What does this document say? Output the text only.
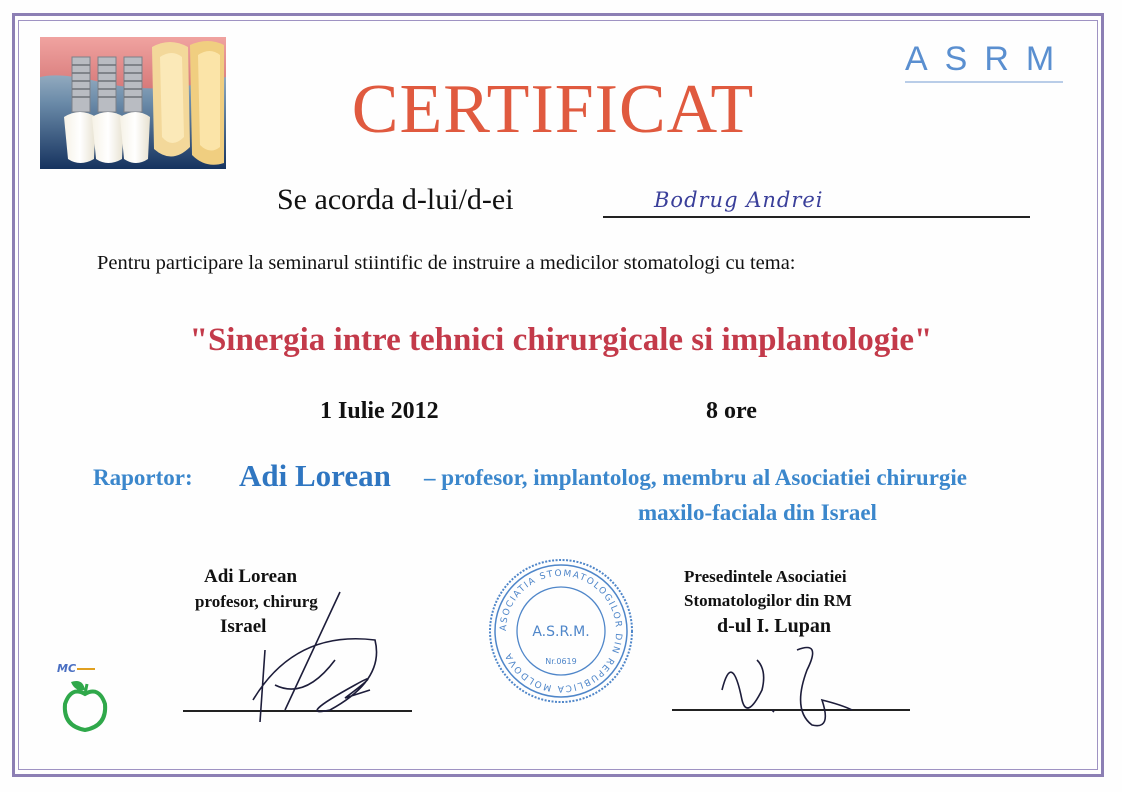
ASRM
CERTIFICAT
Se acorda d-lui/d-ei	Bodrug Andrei
Pentru participare la seminarul stiintific de instruire a medicilor stomatologi cu tema:
"Sinergia intre tehnici chirurgicale si implantologie"
1 Iulie 2012	8 ore
Raportor: Adi Lorean – profesor, implantolog, membru al Asociatiei chirurgie
maxilo-faciala din Israel
Adi Lorean
profesor, chirurg
Israel	ASOCIATIA STOMATOLOGILOR DIN REPUBLICA MOLDOVA
A.S.R.M.
Nr.0619
Presedintele Asociatiei
Stomatologilor din RM
d-ul I. Lupan
MC
